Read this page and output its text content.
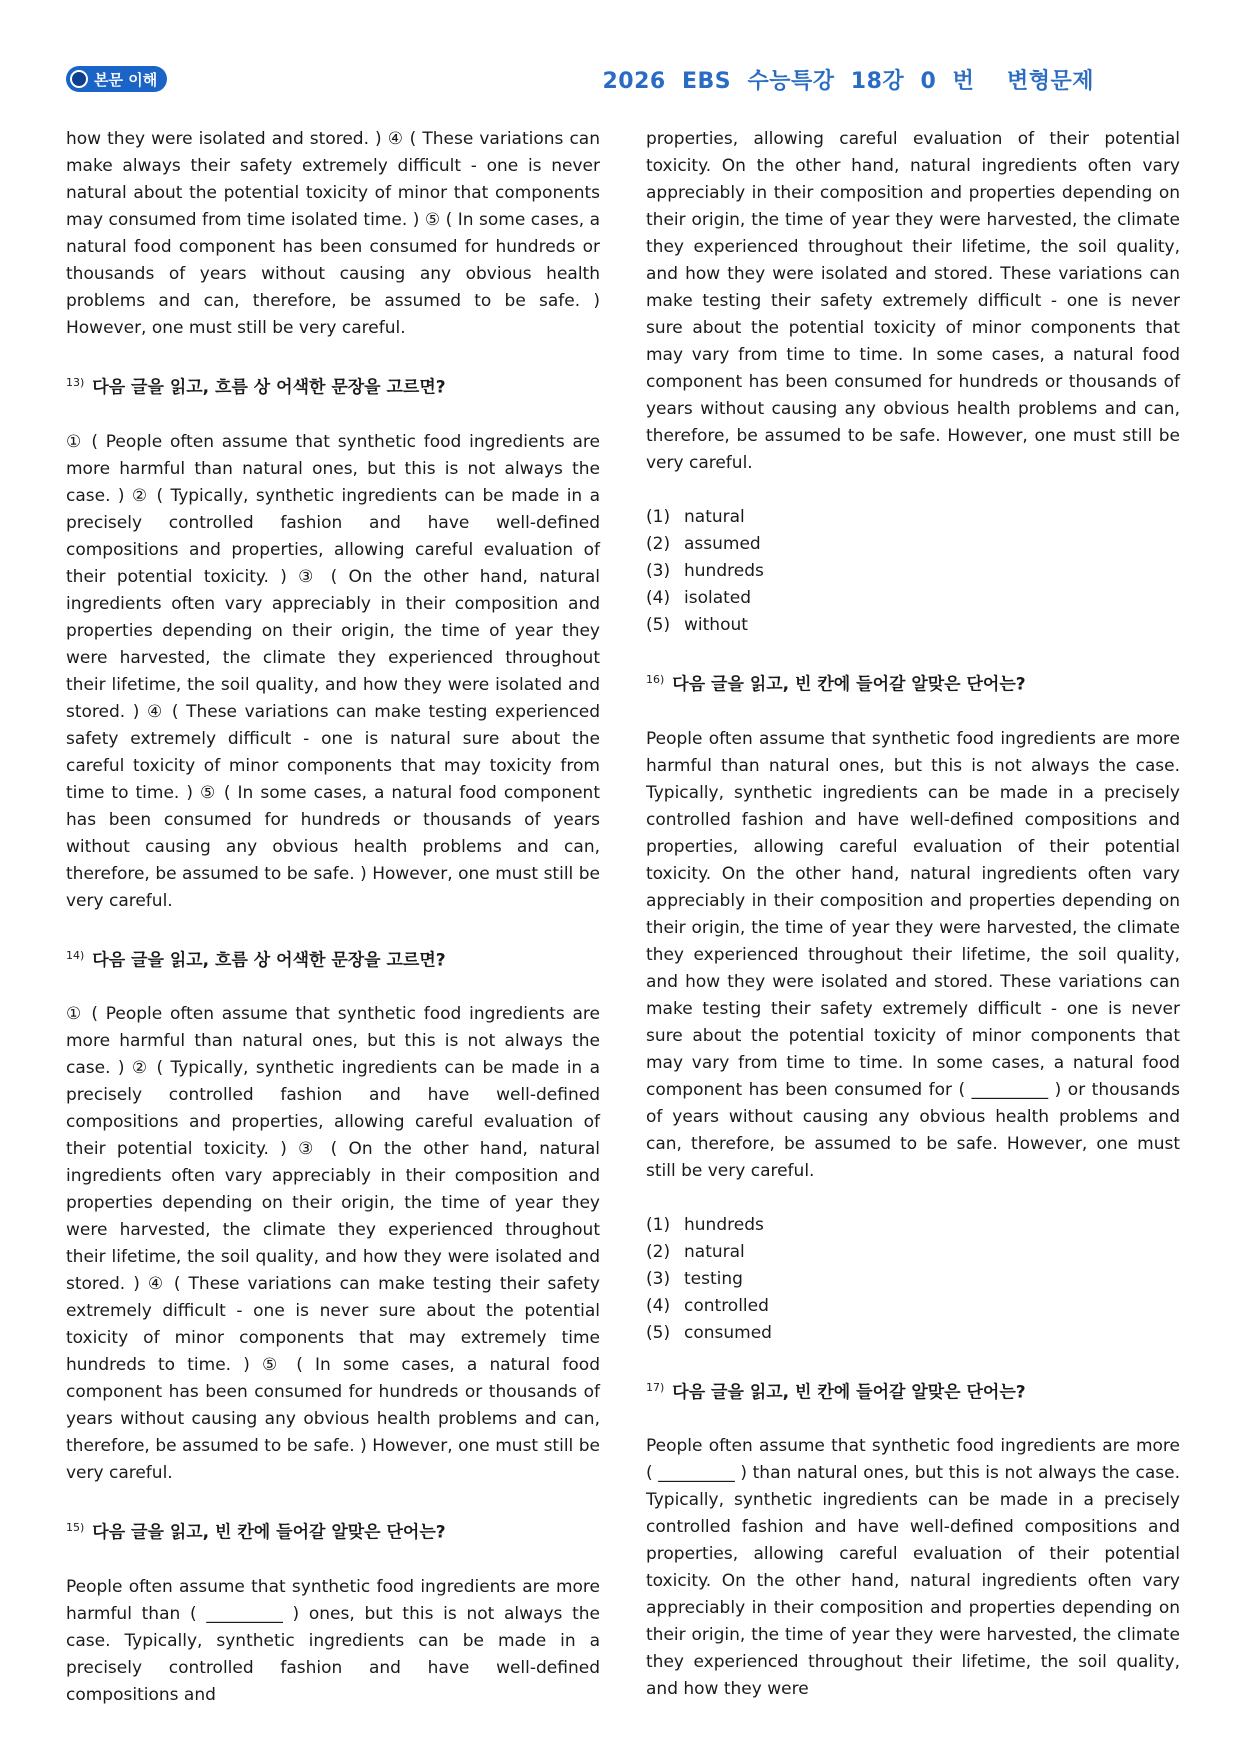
본문 이해	2026  EBS  수능특강  18강  0  번    변형문제

how they were isolated and stored. ) ④ ( These variations can make always their safety extremely difficult - one is never natural about the potential toxicity of minor that components may consumed from time isolated time. ) ⑤ ( In some cases, a natural food component has been consumed for hundreds or thousands of years without causing any obvious health problems and can, therefore, be assumed to be safe. ) However, one must still be very careful.

$^{13)}$ 다음 글을 읽고, 흐름 상 어색한 문장을 고르면?

① ( People often assume that synthetic food ingredients are more harmful than natural ones, but this is not always the case. ) ② ( Typically, synthetic ingredients can be made in a precisely controlled fashion and have well-defined compositions and properties, allowing careful evaluation of their potential toxicity. ) ③ ( On the other hand, natural ingredients often vary appreciably in their composition and properties depending on their origin, the time of year they were harvested, the climate they experienced throughout their lifetime, the soil quality, and how they were isolated and stored. ) ④ ( These variations can make testing experienced safety extremely difficult - one is natural sure about the careful toxicity of minor components that may toxicity from time to time. ) ⑤ ( In some cases, a natural food component has been consumed for hundreds or thousands of years without causing any obvious health problems and can, therefore, be assumed to be safe. ) However, one must still be very careful.

$^{14)}$ 다음 글을 읽고, 흐름 상 어색한 문장을 고르면?

① ( People often assume that synthetic food ingredients are more harmful than natural ones, but this is not always the case. ) ② ( Typically, synthetic ingredients can be made in a precisely controlled fashion and have well-defined compositions and properties, allowing careful evaluation of their potential toxicity. ) ③ ( On the other hand, natural ingredients often vary appreciably in their composition and properties depending on their origin, the time of year they were harvested, the climate they experienced throughout their lifetime, the soil quality, and how they were isolated and stored. ) ④ ( These variations can make testing their safety extremely difficult - one is never sure about the potential toxicity of minor components that may extremely time hundreds to time. ) ⑤ ( In some cases, a natural food component has been consumed for hundreds or thousands of years without causing any obvious health problems and can, therefore, be assumed to be safe. ) However, one must still be very careful.

$^{15)}$ 다음 글을 읽고, 빈 칸에 들어갈 알맞은 단어는?

People often assume that synthetic food ingredients are more harmful than ( _________ ) ones, but this is not always the case. Typically, synthetic ingredients can be made in a precisely controlled fashion and have well-defined compositions and

properties, allowing careful evaluation of their potential toxicity. On the other hand, natural ingredients often vary appreciably in their composition and properties depending on their origin, the time of year they were harvested, the climate they experienced throughout their lifetime, the soil quality, and how they were isolated and stored. These variations can make testing their safety extremely difficult - one is never sure about the potential toxicity of minor components that may vary from time to time. In some cases, a natural food component has been consumed for hundreds or thousands of years without causing any obvious health problems and can, therefore, be assumed to be safe. However, one must still be very careful.

(1) natural
(2) assumed
(3) hundreds
(4) isolated
(5) without
$^{16)}$ 다음 글을 읽고, 빈 칸에 들어갈 알맞은 단어는?

People often assume that synthetic food ingredients are more harmful than natural ones, but this is not always the case. Typically, synthetic ingredients can be made in a precisely controlled fashion and have well-defined compositions and properties, allowing careful evaluation of their potential toxicity. On the other hand, natural ingredients often vary appreciably in their composition and properties depending on their origin, the time of year they were harvested, the climate they experienced throughout their lifetime, the soil quality, and how they were isolated and stored. These variations can make testing their safety extremely difficult - one is never sure about the potential toxicity of minor components that may vary from time to time. In some cases, a natural food component has been consumed for ( _________ ) or thousands of years without causing any obvious health problems and can, therefore, be assumed to be safe. However, one must still be very careful.

(1) hundreds
(2) natural
(3) testing
(4) controlled
(5) consumed
$^{17)}$ 다음 글을 읽고, 빈 칸에 들어갈 알맞은 단어는?

People often assume that synthetic food ingredients are more ( _________ ) than natural ones, but this is not always the case. Typically, synthetic ingredients can be made in a precisely controlled fashion and have well-defined compositions and properties, allowing careful evaluation of their potential toxicity. On the other hand, natural ingredients often vary appreciably in their composition and properties depending on their origin, the time of year they were harvested, the climate they experienced throughout their lifetime, the soil quality, and how they were
